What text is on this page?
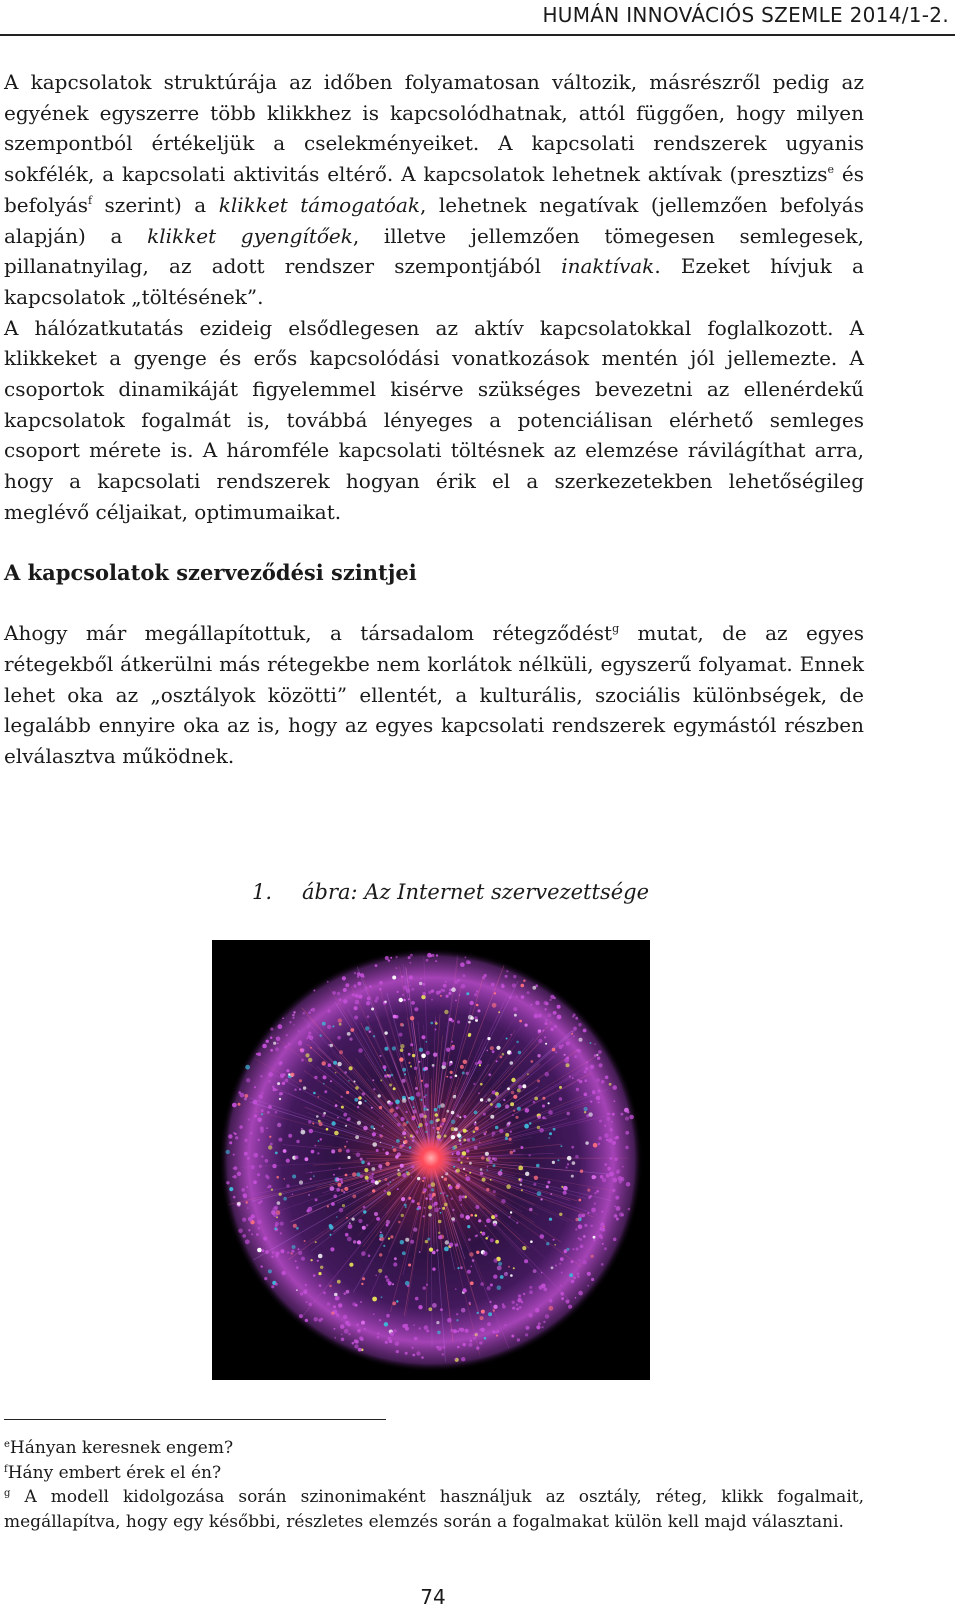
HUMÁN INNOVÁCIÓS SZEMLE 2014/1-2.

A kapcsolatok struktúrája az időben folyamatosan változik, másrészről pedig az egyének egyszerre több klikkhez is kapcsolódhatnak, attól függően, hogy milyen szempontból értékeljük a cselekményeiket. A kapcsolati rendszerek ugyanis sokfélék, a kapcsolati aktivitás eltérő. A kapcsolatok lehetnek aktívak (presztizs$^e$ és befolyás$^f$ szerint) a klikket támogatóak, lehetnek negatívak (jellemzően befolyás alapján) a klikket gyengítőek, illetve jellemzően tömegesen semlegesek, pillanatnyilag, az adott rendszer szempontjából inaktívak. Ezeket hívjuk a kapcsolatok „töltésének”.

A hálózatkutatás ezideig elsődlegesen az aktív kapcsolatokkal foglalkozott. A klikkeket a gyenge és erős kapcsolódási vonatkozások mentén jól jellemezte. A csoportok dinamikáját figyelemmel kisérve szükséges bevezetni az ellenérdekű kapcsolatok fogalmát is, továbbá lényeges a potenciálisan elérhető semleges csoport mérete is. A háromféle kapcsolati töltésnek az elemzése rávilágíthat arra, hogy a kapcsolati rendszerek hogyan érik el a szerkezetekben lehetőségileg meglévő céljaikat, optimumaikat.

A kapcsolatok szerveződési szintjei

Ahogy már megállapítottuk, a társadalom rétegződést$^g$ mutat, de az egyes rétegekből átkerülni más rétegekbe nem korlátok nélküli, egyszerű folyamat. Ennek lehet oka az „osztályok közötti” ellentét, a kulturális, szociális különbségek, de legalább ennyire oka az is, hogy az egyes kapcsolati rendszerek egymástól részben elválasztva működnek.

1. ábra: Az Internet szervezettsége

$^e$Hányan keresnek engem?

$^f$Hány embert érek el én?

$^g$ A modell kidolgozása során szinonimaként használjuk az osztály, réteg, klikk fogalmait, megállapítva, hogy egy későbbi, részletes elemzés során a fogalmakat külön kell majd választani.

74
